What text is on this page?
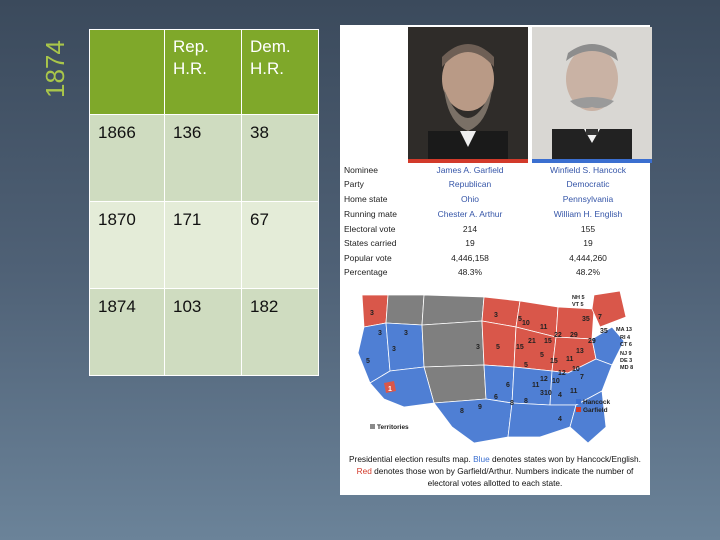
1874
		Rep. H.R.	Dem. H.R.
1866	136	38
1870	171	67
1874	103	182
Nominee	James A. Garfield	Winfield S. Hancock
Party	Republican	Democratic
Home state	Ohio	Pennsylvania
Running mate	Chester A. Arthur	William H. English
Electoral vote	214	155
States carried	19	19
Popular vote	4,446,158	4,444,260
Percentage	48.3%	48.2%
3
3
5
1
3
3 5
10
11
5
15
21 15
22
35
29
11
15
12
7
12
10
11
8
10
6
8
4
7
3 4
6
5
5
8
9
10
13
11
3	3
29
35
NH 5
VT 5
MA 13
RI 4
CT 6
NJ 9
DE 3
MD 8
Hancock
Garfield
Territories
Presidential election results map. Blue denotes states won by Hancock/English. Red denotes those won by Garfield/Arthur. Numbers indicate the number of electoral votes allotted to each state.
